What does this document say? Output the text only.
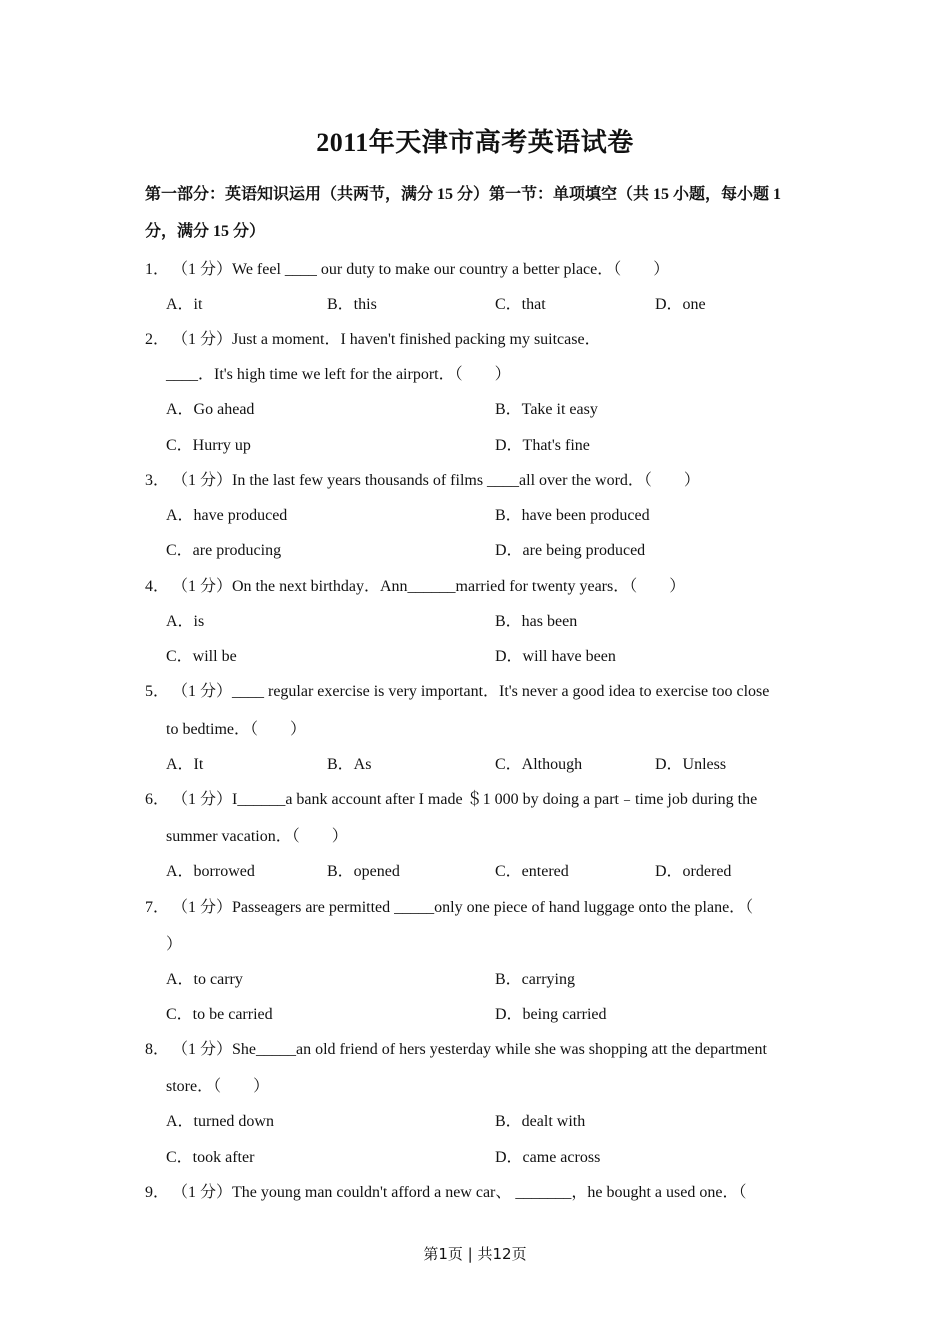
2011年天津市高考英语试卷
第一部分：英语知识运用（共两节，满分 15 分）第一节：单项填空（共 15 小题，每小题 1 分，满分 15 分）
1． （1 分）We feel ____ our duty to make our country a better place．（　　）
A．it	B．this	C．that	D．one
2． （1 分）Just a moment．I haven't finished packing my suitcase．
____．It's high time we left for the airport．（　　）
A．Go ahead	B．Take it easy
C．Hurry up	D．That's fine
3． （1 分）In the last few years thousands of films ____all over the word．（　　）
A．have produced	B．have been produced
C．are producing	D．are being produced
4． （1 分）On the next birthday．Ann______married for twenty years．（　　）
A．is	B．has been
C．will be	D．will have been
5． （1 分）____ regular exercise is very important．It's never a good idea to exercise too close
to bedtime．（　　）
A．It	B．As	C．Although	D．Unless
6． （1 分）I______a bank account after I made ＄1 000 by doing a part﹣time job during the
summer vacation．（　　）
A．borrowed	B．opened	C．entered	D．ordered
7． （1 分）Passeagers are permitted _____only one piece of hand luggage onto the plane．（
）
A．to carry	B．carrying
C．to be carried	D．being carried
8． （1 分）She_____an old friend of hers yesterday while she was shopping att the department
store．（　　）
A．turned down	B．dealt with
C．took after	D．came across
9． （1 分）The young man couldn't afford a new car、 _______，he bought a used one．（
第1页 | 共12页
